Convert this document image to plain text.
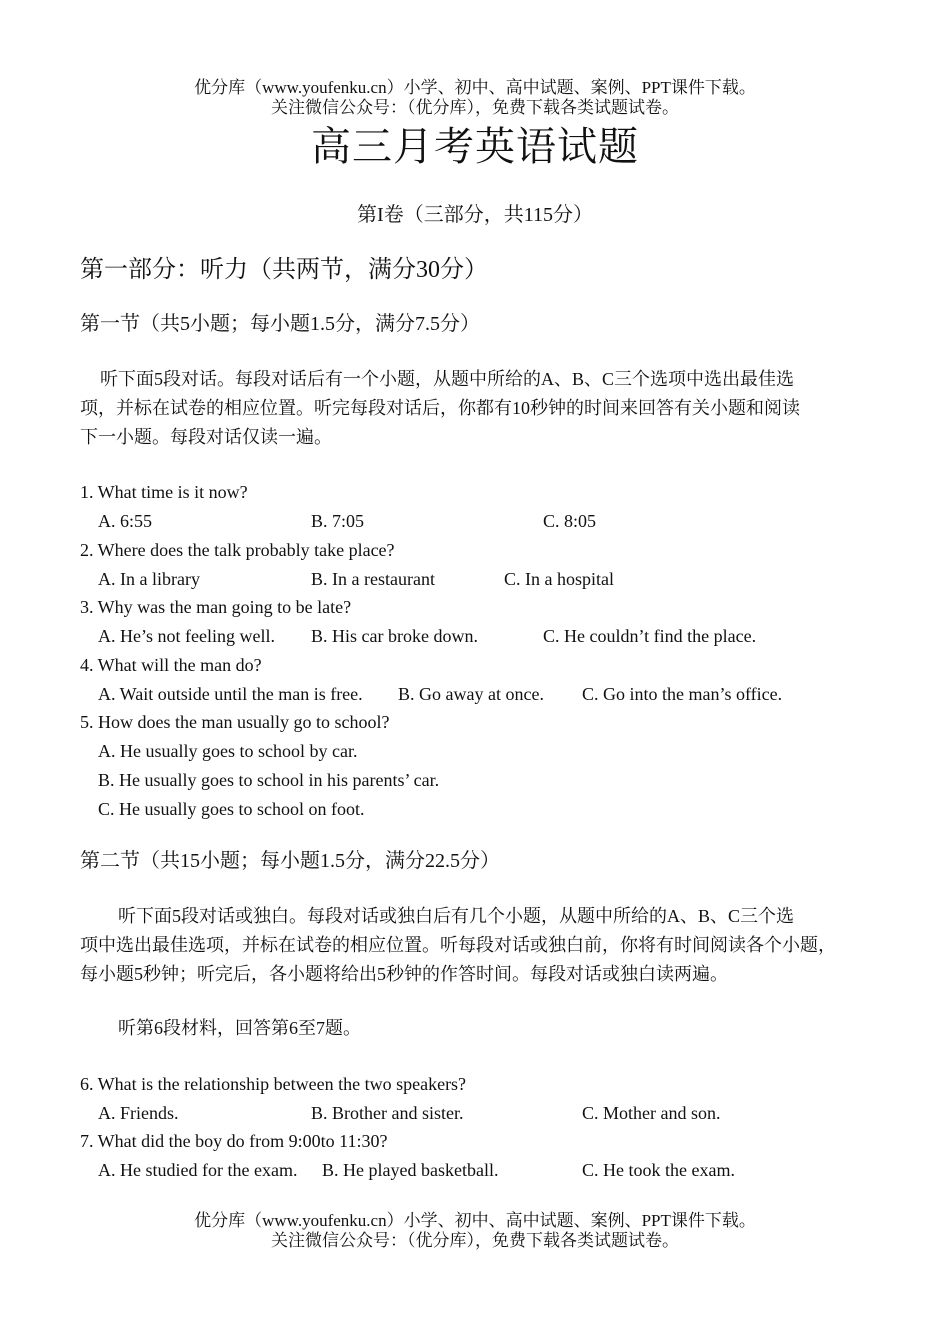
优分库（www.youfenku.cn）小学、初中、高中试题、案例、PPT课件下载。
关注微信公众号：（优分库），免费下载各类试题试卷。
高三月考英语试题
第I卷（三部分，共115分）
第一部分：听力（共两节，满分30分）
第一节（共5小题；每小题1.5分，满分7.5分）
听下面5段对话。每段对话后有一个小题，从题中所给的A、B、C三个选项中选出最佳选
项，并标在试卷的相应位置。听完每段对话后，你都有10秒钟的时间来回答有关小题和阅读
下一小题。每段对话仅读一遍。
1. What time is it now?
A. 6:55	B. 7:05	C. 8:05
2. Where does the talk probably take place?
A. In a library	B. In a restaurant	C. In a hospital
3. Why was the man going to be late?
A. He’s not feeling well. B. His car broke down.	C. He couldn’t find the place.
4. What will the man do?
A. Wait outside until the man is free. B. Go away at once. C. Go into the man’s office.
5. How does the man usually go to school?
A. He usually goes to school by car.
B. He usually goes to school in his parents’ car.
C. He usually goes to school on foot.
第二节（共15小题；每小题1.5分，满分22.5分）
听下面5段对话或独白。每段对话或独白后有几个小题，从题中所给的A、B、C三个选
项中选出最佳选项，并标在试卷的相应位置。听每段对话或独白前，你将有时间阅读各个小题，
每小题5秒钟；听完后，各小题将给出5秒钟的作答时间。每段对话或独白读两遍。
听第6段材料，回答第6至7题。
6. What is the relationship between the two speakers?
A. Friends.	B. Brother and sister.	C. Mother and son.
7. What did the boy do from 9:00to 11:30?
A. He studied for the exam. B. He played basketball.	C. He took the exam.
优分库（www.youfenku.cn）小学、初中、高中试题、案例、PPT课件下载。
关注微信公众号：（优分库），免费下载各类试题试卷。
